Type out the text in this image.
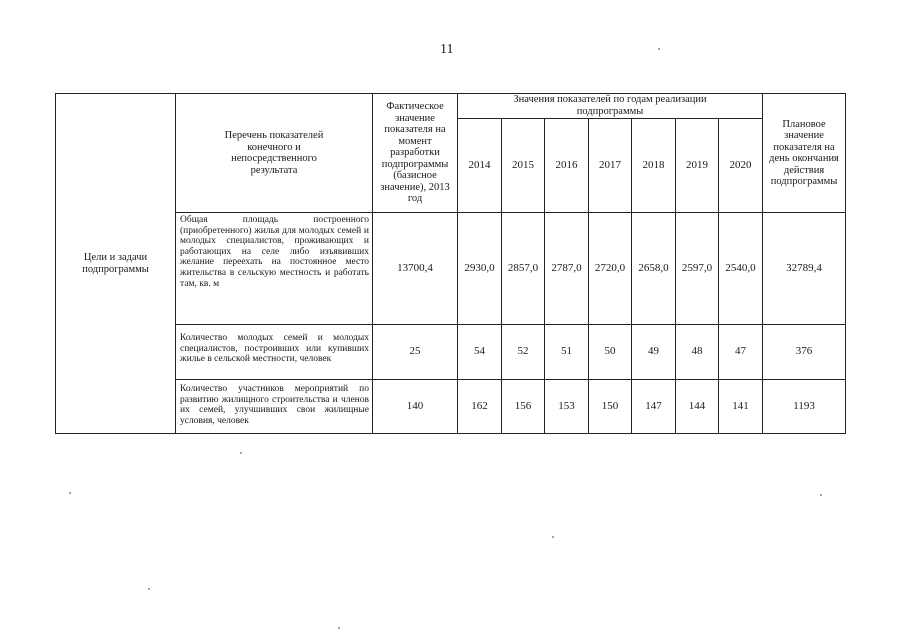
11
Цели и задачи подпрограммы	Перечень показателей конечного и непосредственного результата	Фактическое значение показателя на момент разработки подпрограммы (базисное значение), 2013 год	Значения показателей по годам реализации подпрограммы							Плановое значение показателя на день окончания действия подпрограммы
			2014	2015	2016	2017	2018	2019	2020	
	Общая площадь построенного (приобретенного) жилья для молодых семей и молодых специалистов, проживающих и работающих на селе либо изъявивших желание переехать на постоянное место жительства в сельскую местность и работать там, кв. м	13700,4	2930,0	2857,0	2787,0	2720,0	2658,0	2597,0	2540,0	32789,4
	Количество молодых семей и молодых специалистов, построивших или купивших жилье в сельской местности, человек	25	54	52	51	50	49	48	47	376
	Количество участников мероприятий по развитию жилищного строительства и членов их семей, улучшивших свои жилищные условия, человек	140	162	156	153	150	147	144	141	1193
